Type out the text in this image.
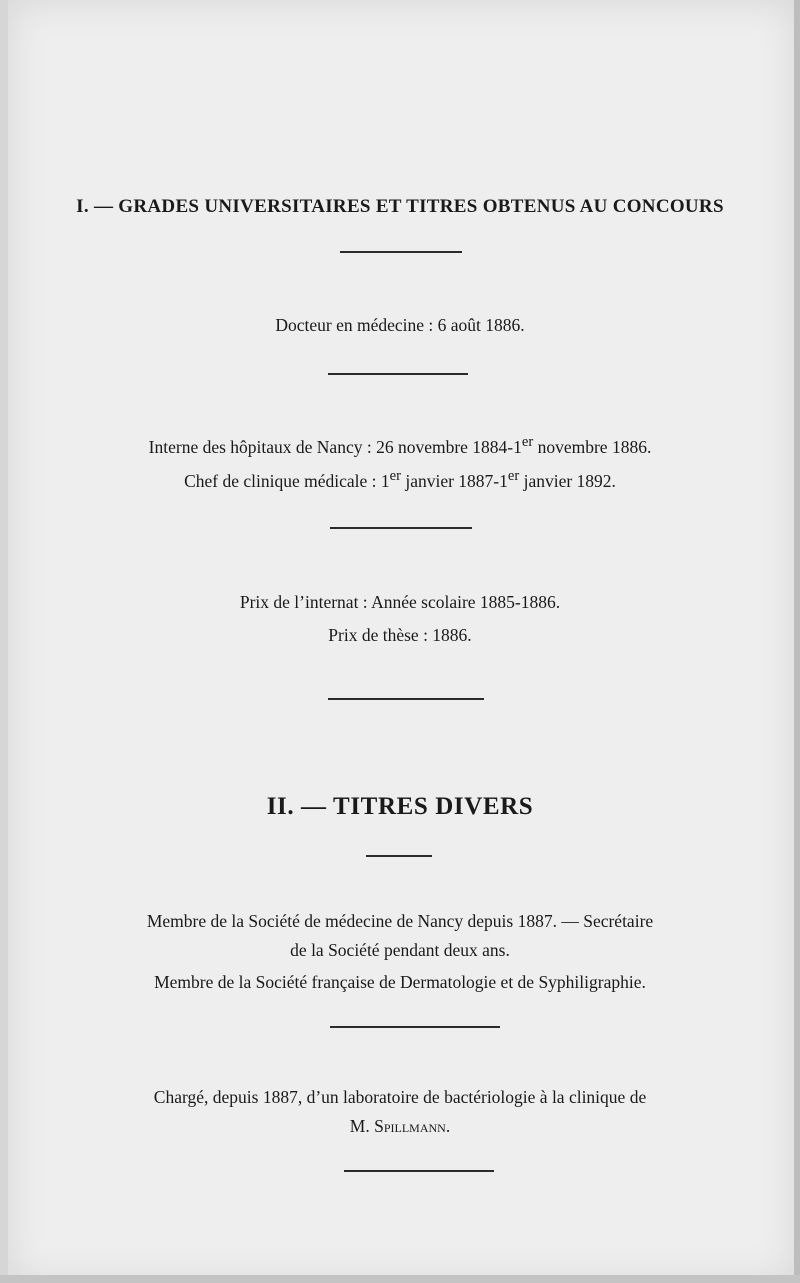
I. — GRADES UNIVERSITAIRES ET TITRES OBTENUS AU CONCOURS
Docteur en médecine : 6 août 1886.
Interne des hôpitaux de Nancy : 26 novembre 1884-1er novembre 1886.
Chef de clinique médicale : 1er janvier 1887-1er janvier 1892.
Prix de l’internat : Année scolaire 1885-1886.
Prix de thèse : 1886.
II. — TITRES DIVERS
Membre de la Société de médecine de Nancy depuis 1887. — Secrétaire
de la Société pendant deux ans.
Membre de la Société française de Dermatologie et de Syphiligraphie.
Chargé, depuis 1887, d’un laboratoire de bactériologie à la clinique de
M. Spillmann.
